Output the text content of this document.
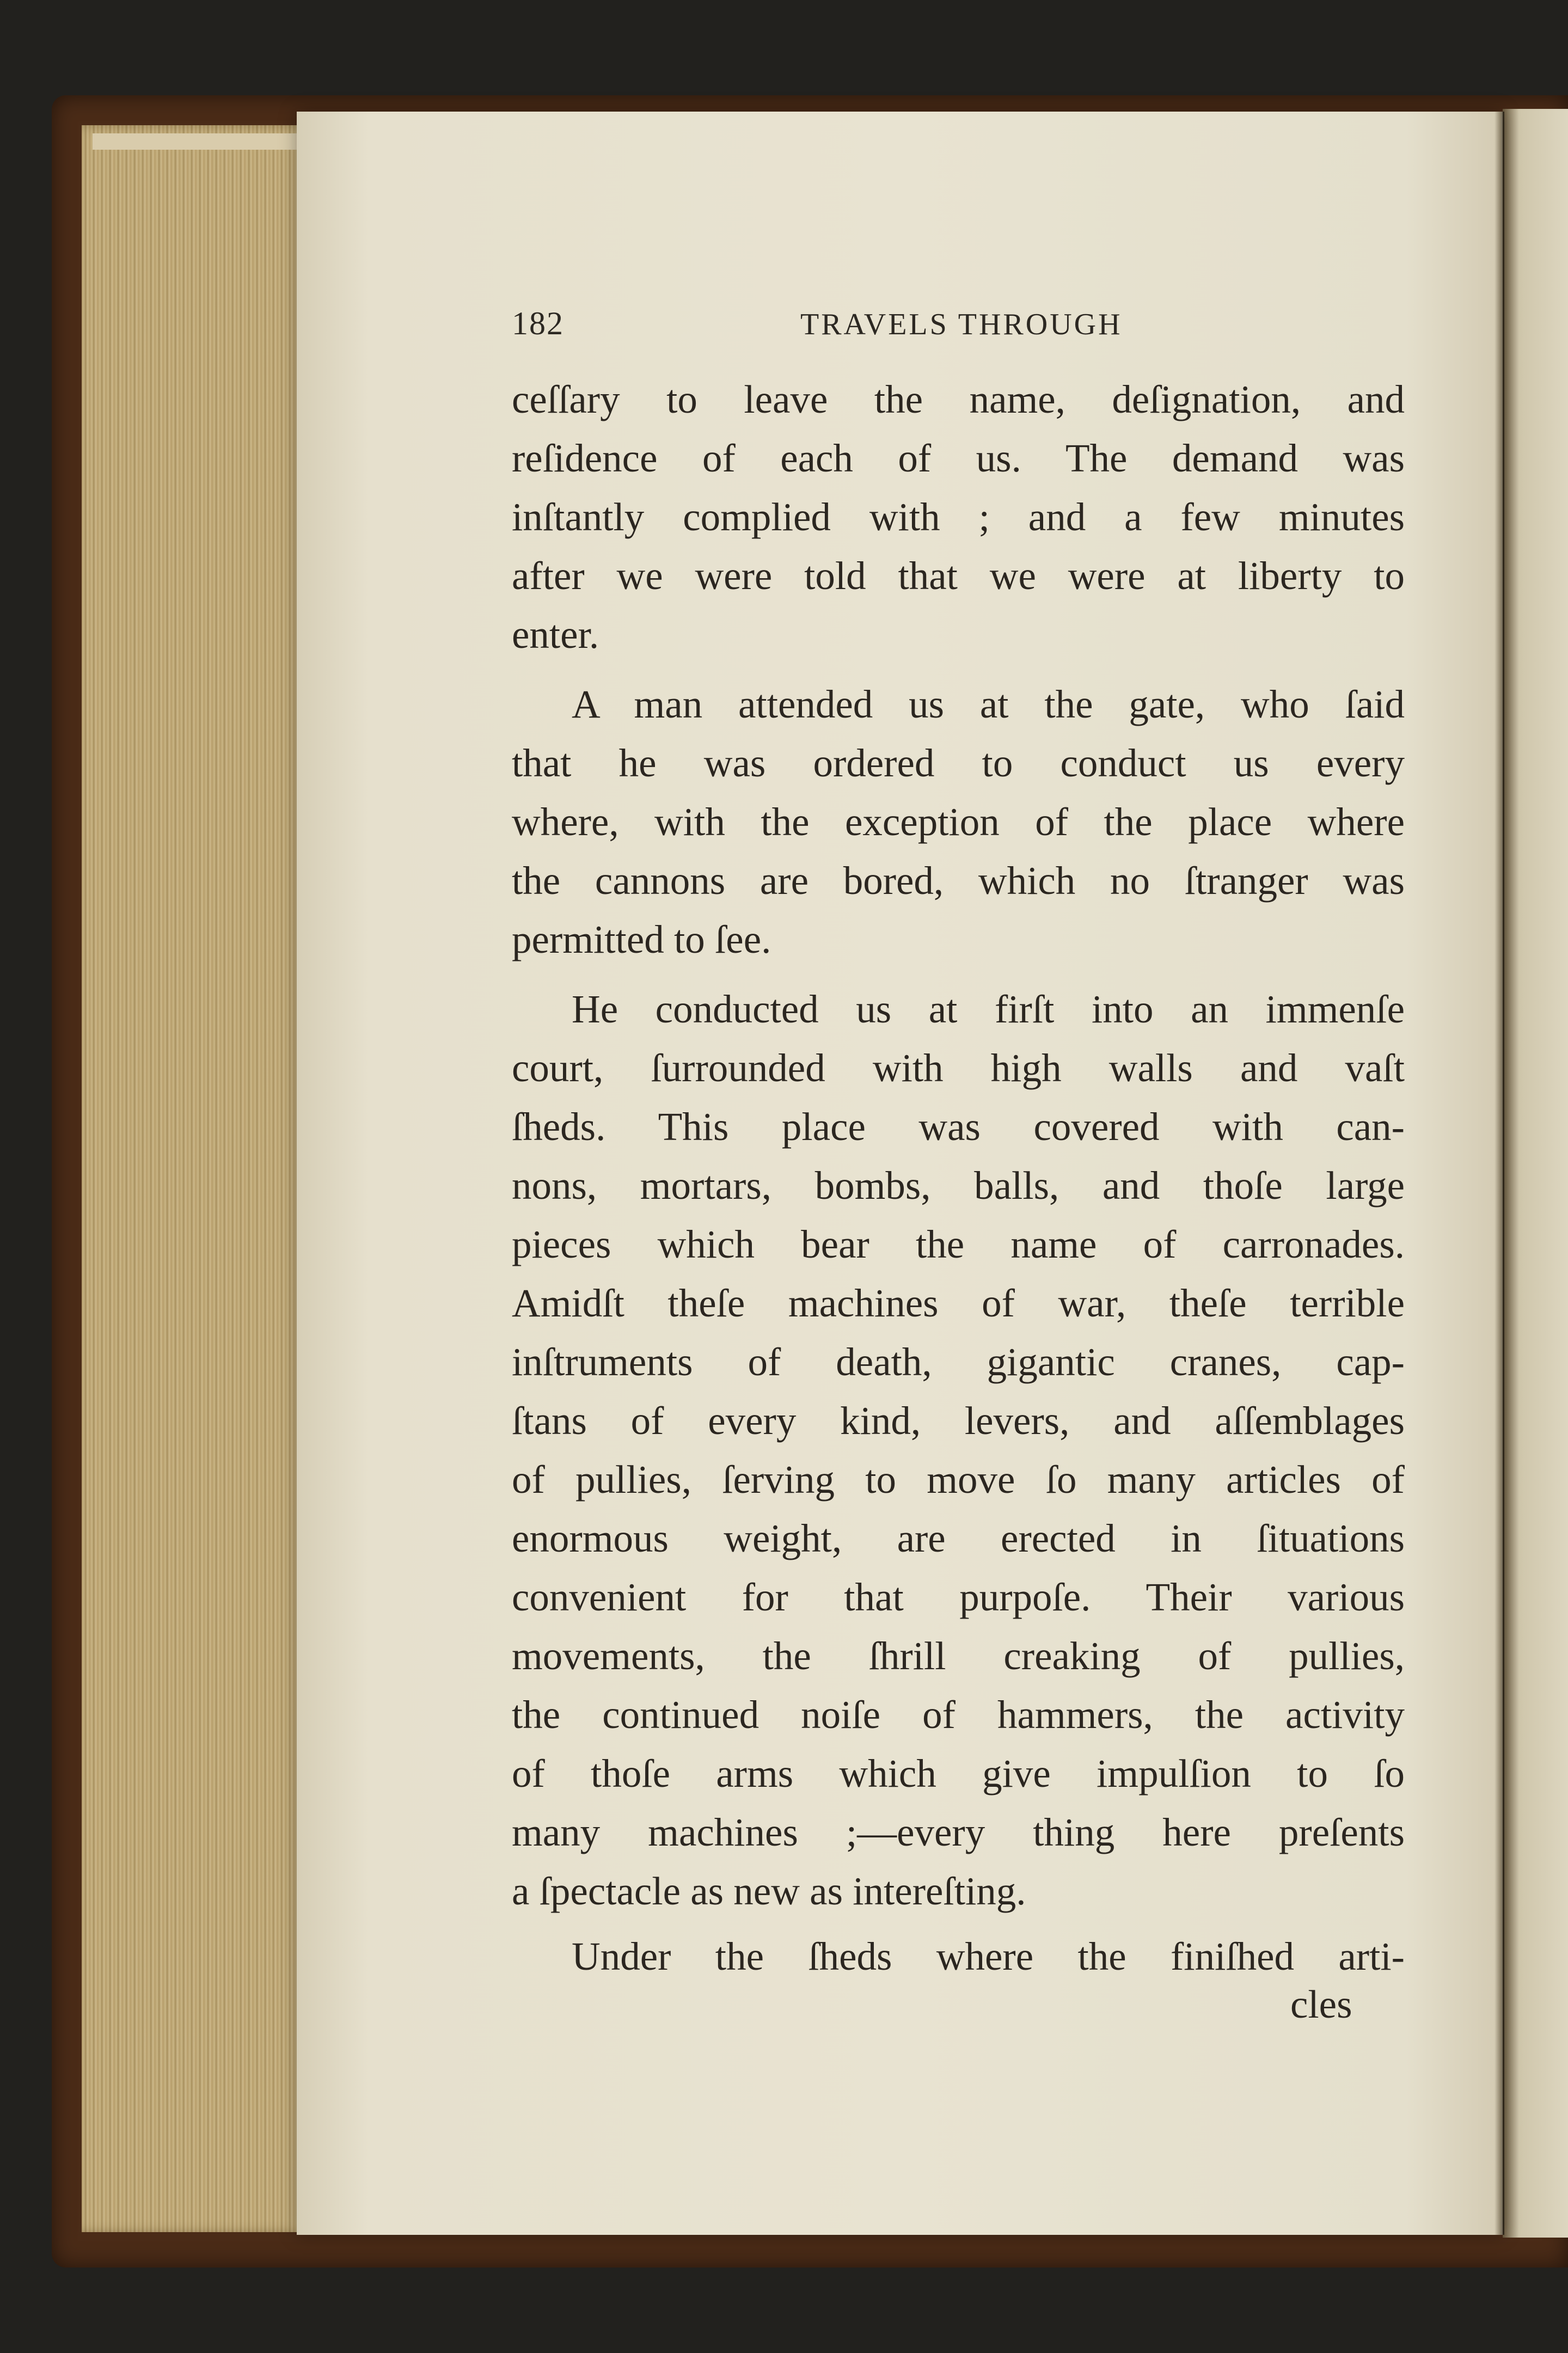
182	TRAVELS THROUGH
ceſſary to leave the name, deſignation, and
reſidence of each of us. The demand was
inſtantly complied with ; and a few minutes
after we were told that we were at liberty to
enter.
A man attended us at the gate, who ſaid
that he was ordered to conduct us every
where, with the exception of the place where
the cannons are bored, which no ſtranger was
permitted to ſee.
He conducted us at firſt into an immenſe
court, ſurrounded with high walls and vaſt
ſheds. This place was covered with can-
nons, mortars, bombs, balls, and thoſe large
pieces which bear the name of carronades.
Amidſt theſe machines of war, theſe terrible
inſtruments of death, gigantic cranes, cap-
ſtans of every kind, levers, and aſſemblages
of pullies, ſerving to move ſo many articles of
enormous weight, are erected in ſituations
convenient for that purpoſe. Their various
movements, the ſhrill creaking of pullies,
the continued noiſe of hammers, the activity
of thoſe arms which give impulſion to ſo
many machines ;—every thing here preſents
a ſpectacle as new as intereſting.
Under the ſheds where the finiſhed arti-
cles
